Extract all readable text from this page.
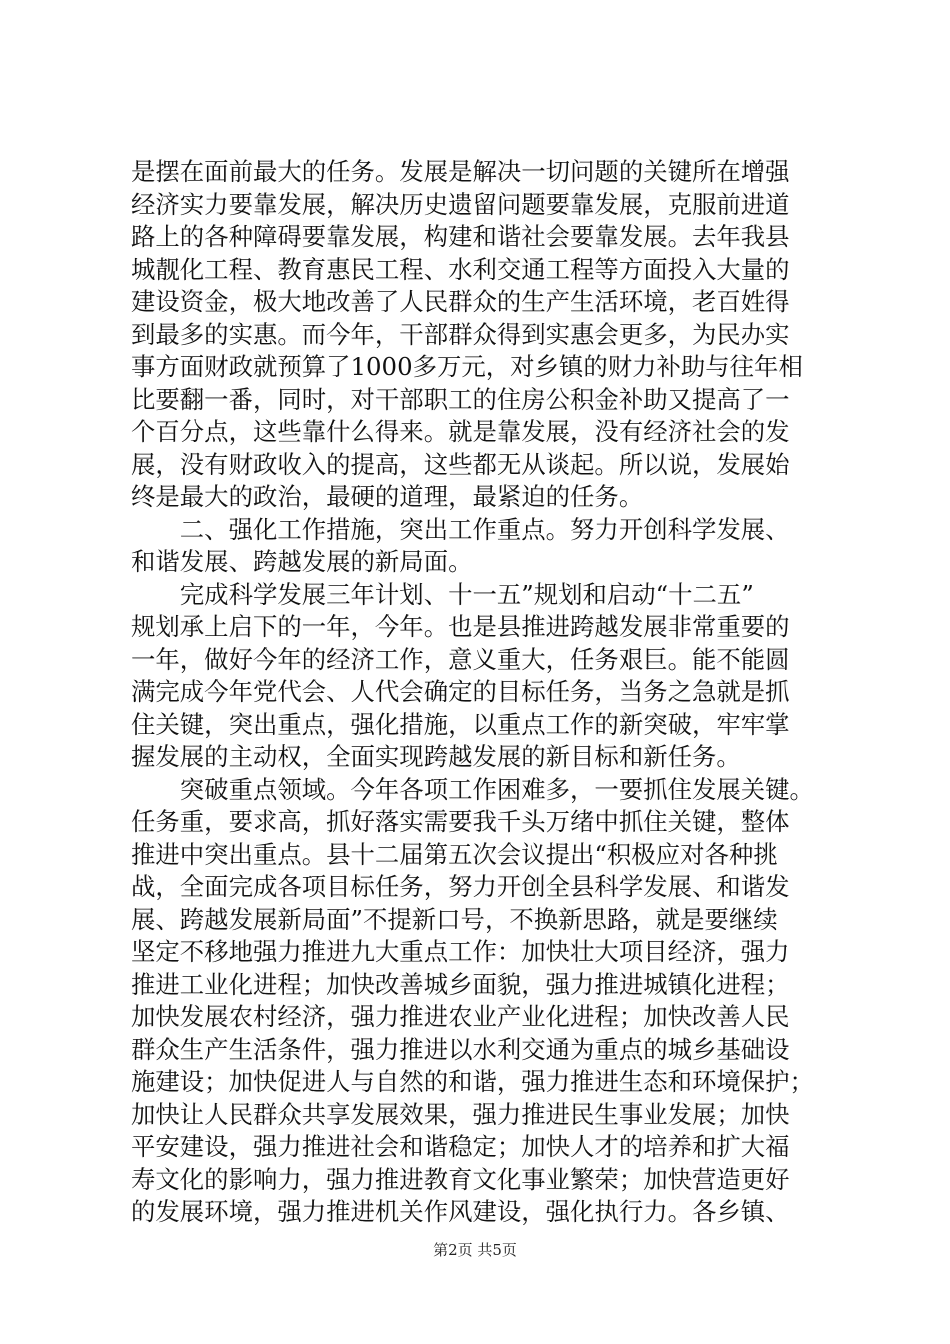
是摆在面前最大的任务。发展是解决一切问题的关键所在增强
经济实力要靠发展，解决历史遗留问题要靠发展，克服前进道
路上的各种障碍要靠发展，构建和谐社会要靠发展。去年我县
城靓化工程、教育惠民工程、水利交通工程等方面投入大量的
建设资金，极大地改善了人民群众的生产生活环境，老百姓得
到最多的实惠。而今年，干部群众得到实惠会更多，为民办实
事方面财政就预算了1000多万元，对乡镇的财力补助与往年相
比要翻一番，同时，对干部职工的住房公积金补助又提高了一
个百分点，这些靠什么得来。就是靠发展，没有经济社会的发
展，没有财政收入的提高，这些都无从谈起。所以说，发展始
终是最大的政治，最硬的道理，最紧迫的任务。
　　二、强化工作措施，突出工作重点。努力开创科学发展、
和谐发展、跨越发展的新局面。
　　完成科学发展三年计划、十一五”规划和启动“十二五”
规划承上启下的一年，今年。也是县推进跨越发展非常重要的
一年，做好今年的经济工作，意义重大，任务艰巨。能不能圆
满完成今年党代会、人代会确定的目标任务，当务之急就是抓
住关键，突出重点，强化措施，以重点工作的新突破，牢牢掌
握发展的主动权，全面实现跨越发展的新目标和新任务。
　　突破重点领域。今年各项工作困难多，一要抓住发展关键。
任务重，要求高，抓好落实需要我千头万绪中抓住关键，整体
推进中突出重点。县十二届第五次会议提出“积极应对各种挑
战，全面完成各项目标任务，努力开创全县科学发展、和谐发
展、跨越发展新局面”不提新口号，不换新思路，就是要继续
坚定不移地强力推进九大重点工作：加快壮大项目经济，强力
推进工业化进程；加快改善城乡面貌，强力推进城镇化进程；
加快发展农村经济，强力推进农业产业化进程；加快改善人民
群众生产生活条件，强力推进以水利交通为重点的城乡基础设
施建设；加快促进人与自然的和谐，强力推进生态和环境保护；
加快让人民群众共享发展效果，强力推进民生事业发展；加快
平安建设，强力推进社会和谐稳定；加快人才的培养和扩大福
寿文化的影响力，强力推进教育文化事业繁荣；加快营造更好
的发展环境，强力推进机关作风建设，强化执行力。各乡镇、
第2页 共5页
